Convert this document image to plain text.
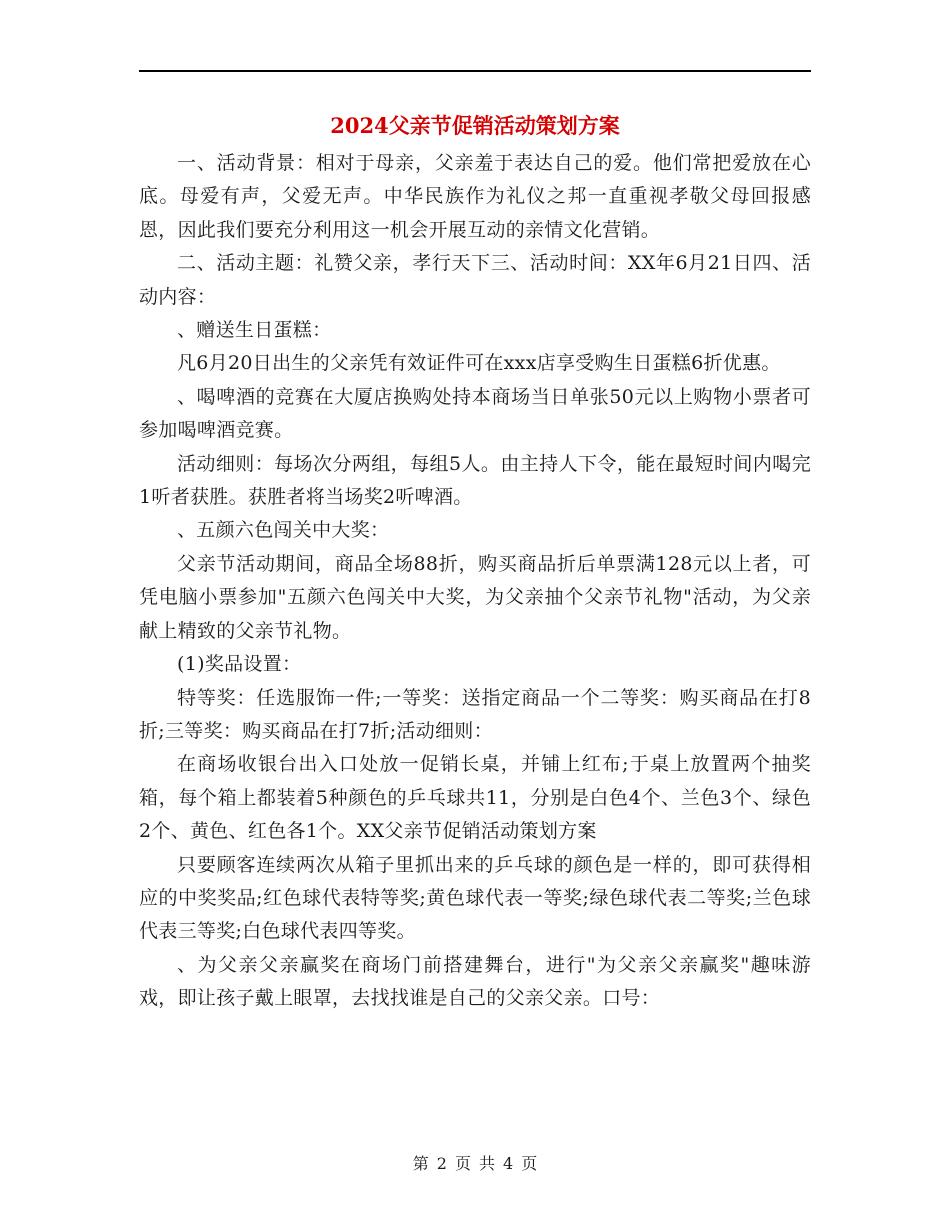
2024父亲节促销活动策划方案

一、活动背景：相对于母亲，父亲羞于表达自己的爱。他们常把爱放在心底。母爱有声，父爱无声。中华民族作为礼仪之邦一直重视孝敬父母回报感恩，因此我们要充分利用这一机会开展互动的亲情文化营销。

二、活动主题：礼赞父亲，孝行天下三、活动时间：XX年6月21日四、活动内容：

、赠送生日蛋糕：

凡6月20日出生的父亲凭有效证件可在xxx店享受购生日蛋糕6折优惠。

、喝啤酒的竞赛在大厦店换购处持本商场当日单张50元以上购物小票者可参加喝啤酒竞赛。

活动细则：每场次分两组，每组5人。由主持人下令，能在最短时间内喝完1听者获胜。获胜者将当场奖2听啤酒。

、五颜六色闯关中大奖：

父亲节活动期间，商品全场88折，购买商品折后单票满128元以上者，可凭电脑小票参加"五颜六色闯关中大奖，为父亲抽个父亲节礼物"活动，为父亲献上精致的父亲节礼物。

(1)奖品设置：

特等奖：任选服饰一件;一等奖：送指定商品一个二等奖：购买商品在打8折;三等奖：购买商品在打7折;活动细则：

在商场收银台出入口处放一促销长桌，并铺上红布;于桌上放置两个抽奖箱，每个箱上都装着5种颜色的乒乓球共11，分别是白色4个、兰色3个、绿色2个、黄色、红色各1个。XX父亲节促销活动策划方案

只要顾客连续两次从箱子里抓出来的乒乓球的颜色是一样的，即可获得相应的中奖奖品;红色球代表特等奖;黄色球代表一等奖;绿色球代表二等奖;兰色球代表三等奖;白色球代表四等奖。

、为父亲父亲赢奖在商场门前搭建舞台，进行"为父亲父亲赢奖"趣味游戏，即让孩子戴上眼罩，去找找谁是自己的父亲父亲。口号：

第 2 页 共 4 页
